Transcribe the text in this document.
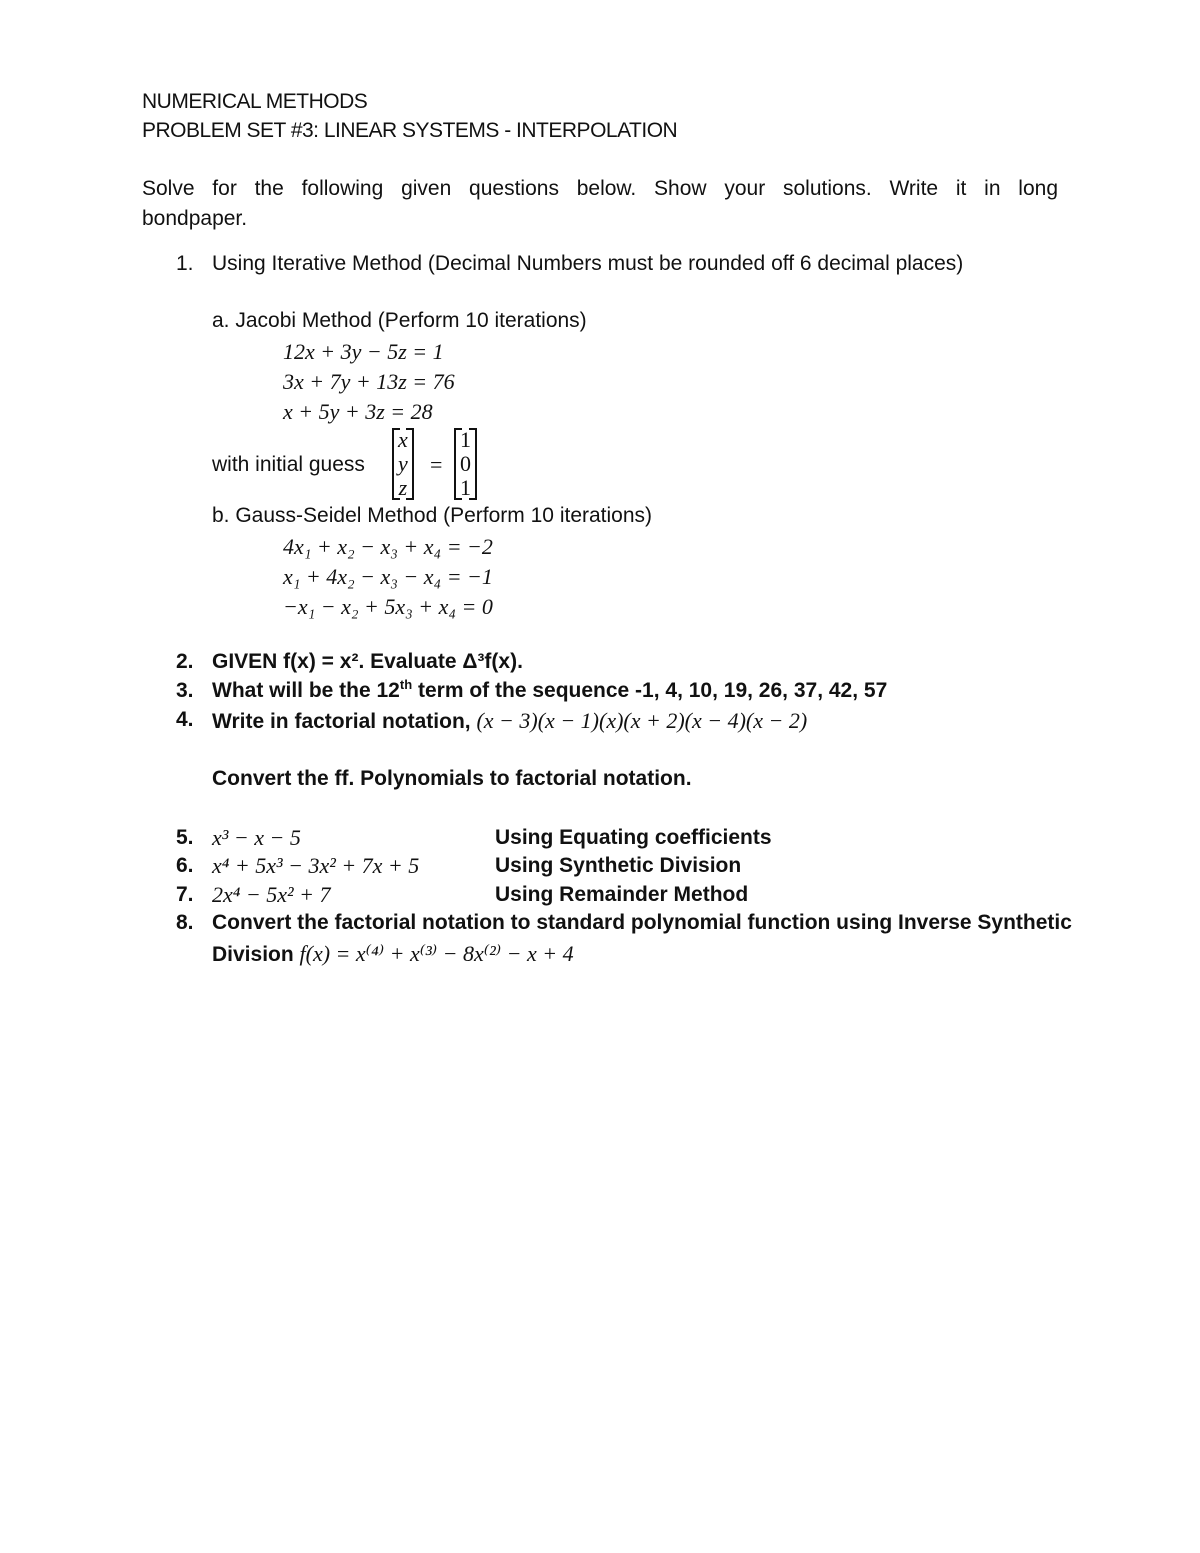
NUMERICAL METHODS
PROBLEM SET #3: LINEAR SYSTEMS - INTERPOLATION
Solve for the following given questions below. Show your solutions. Write it in long
bondpaper.
1. Using Iterative Method (Decimal Numbers must be rounded off 6 decimal places)
a. Jacobi Method (Perform 10 iterations)
12x + 3y − 5z = 1
3x + 7y + 13z = 76
x + 5y + 3z = 28
with initial guess
x
y
z
=
1
0
1
b. Gauss-Seidel Method (Perform 10 iterations)
4x₁ + x₂ − x₃ + x₄ = −2
x₁ + 4x₂ − x₃ − x₄ = −1
−x₁ − x₂ + 5x₃ + x₄ = 0
2. GIVEN f(x) = x². Evaluate Δ³f(x).
3. What will be the 12th term of the sequence -1, 4, 10, 19, 26, 37, 42, 57
4. Write in factorial notation, (x − 3)(x − 1)(x)(x + 2)(x − 4)(x − 2)
Convert the ff. Polynomials to factorial notation.
5. x³ − x − 5	Using Equating coefficients
6. x⁴ + 5x³ − 3x² + 7x + 5	Using Synthetic Division
7. 2x⁴ − 5x² + 7	Using Remainder Method
8. Convert the factorial notation to standard polynomial function using Inverse Synthetic
Division f(x) = x⁽⁴⁾ + x⁽³⁾ − 8x⁽²⁾ − x + 4
